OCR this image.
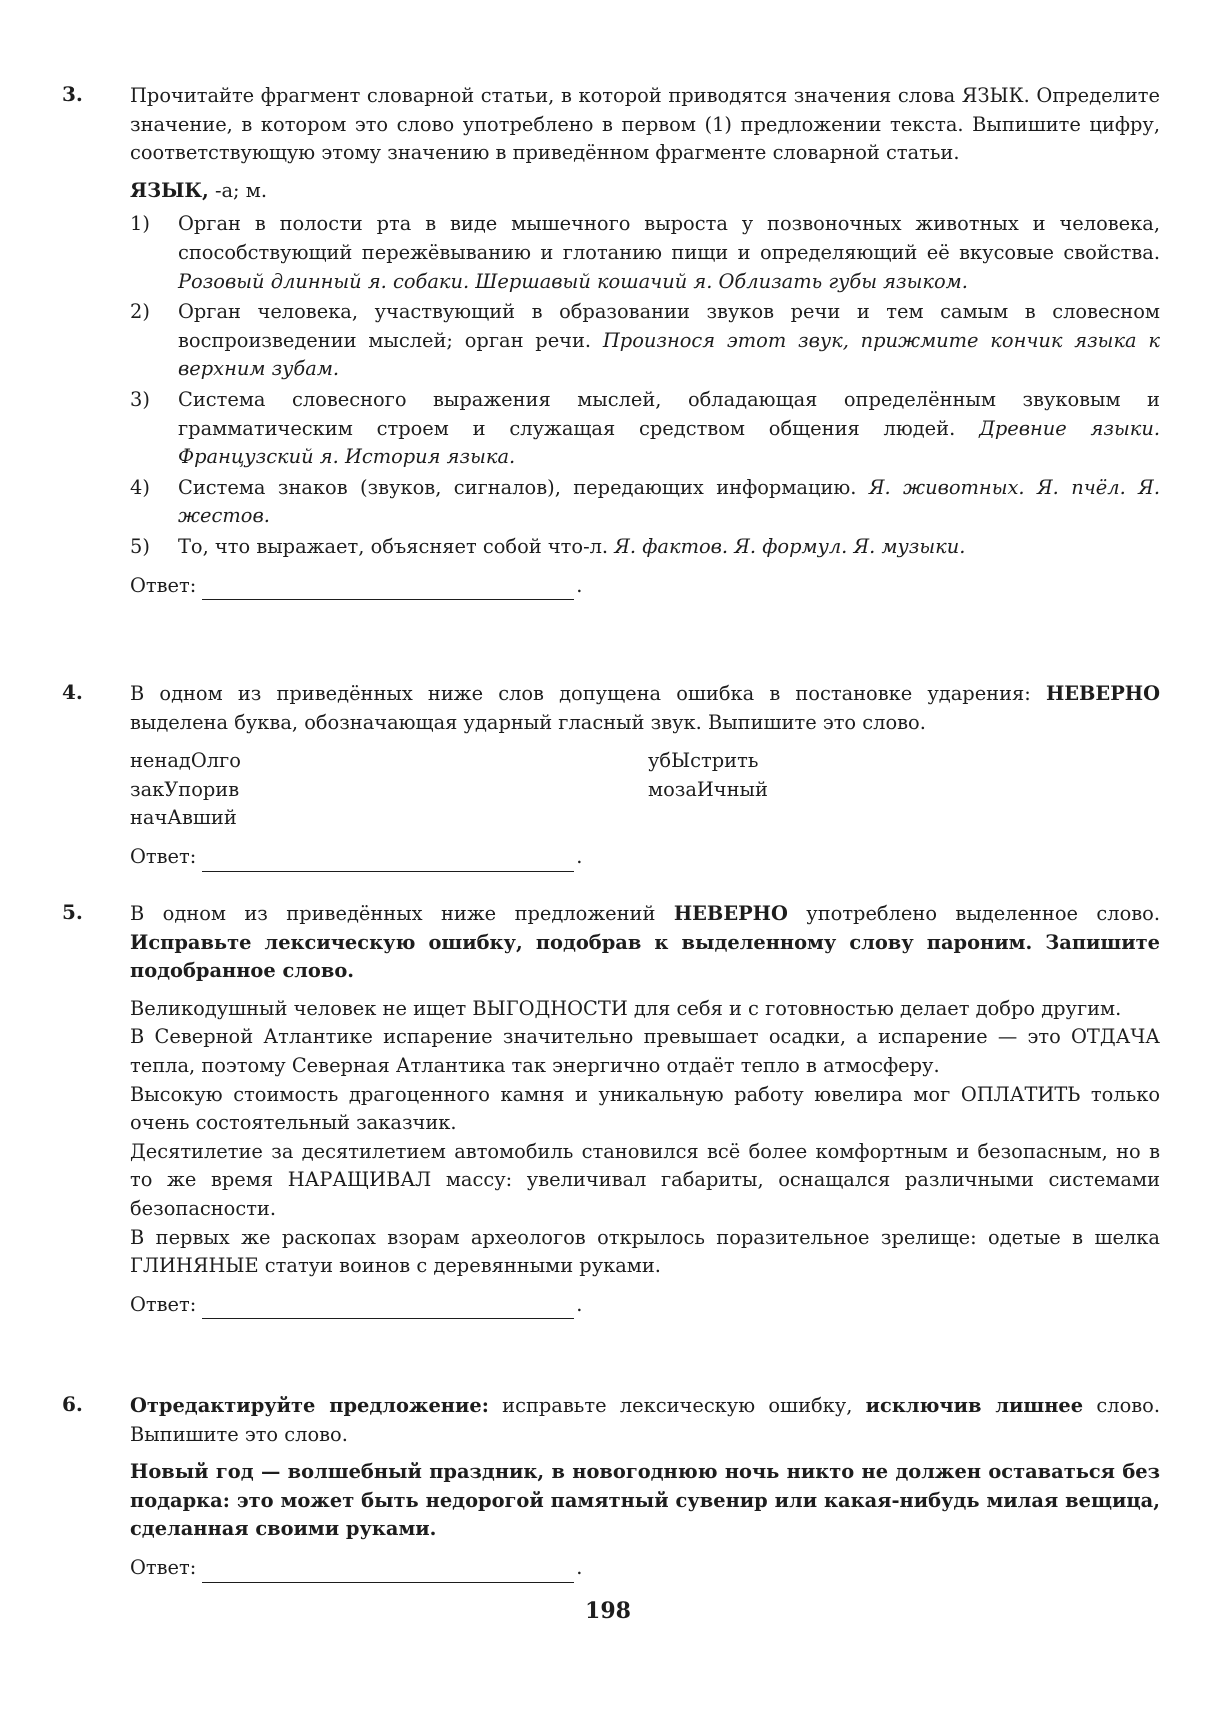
3. Прочитайте фрагмент словарной статьи, в которой приводятся значения слова ЯЗЫК. Определите значение, в котором это слово употреблено в первом (1) предложении текста. Выпишите цифру, соответствующую этому значению в приведённом фрагменте словарной статьи.

ЯЗЫК, -а; м.

1)	Орган в полости рта в виде мышечного выроста у позвоночных животных и человека, способствующий пережёвыванию и глотанию пищи и определяющий её вкусовые свойства. Розовый длинный я. собаки. Шершавый кошачий я. Облизать губы языком.
2)	Орган человека, участвующий в образовании звуков речи и тем самым в словесном воспроизведении мыслей; орган речи. Произнося этот звук, прижмите кончик языка к верхним зубам.
3)	Система словесного выражения мыслей, обладающая определённым звуковым и грамматическим строем и служащая средством общения людей. Древние языки. Французский я. История языка.
4)	Система знаков (звуков, сигналов), передающих информацию. Я. животных. Я. пчёл. Я. жестов.
5)	То, что выражает, объясняет собой что-л. Я. фактов. Я. формул. Я. музыки.
Ответ:	.
4. В одном из приведённых ниже слов допущена ошибка в постановке ударения: НЕВЕРНО выделена буква, обозначающая ударный гласный звук. Выпишите это слово.

ненадОлго	убЫстрить
закУпорив	мозаИчный
начАвший
Ответ:	.
5. В одном из приведённых ниже предложений НЕВЕРНО употреблено выделенное слово. Исправьте лексическую ошибку, подобрав к выделенному слову пароним. Запишите подобранное слово.

Великодушный человек не ищет ВЫГОДНОСТИ для себя и с готовностью делает добро другим.

В Северной Атлантике испарение значительно превышает осадки, а испарение — это ОТДАЧА тепла, поэтому Северная Атлантика так энергично отдаёт тепло в атмосферу.

Высокую стоимость драгоценного камня и уникальную работу ювелира мог ОПЛАТИТЬ только очень состоятельный заказчик.

Десятилетие за десятилетием автомобиль становился всё более комфортным и безопасным, но в то же время НАРАЩИВАЛ массу: увеличивал габариты, оснащался различными системами безопасности.

В первых же раскопах взорам археологов открылось поразительное зрелище: одетые в шелка ГЛИНЯНЫЕ статуи воинов с деревянными руками.

Ответ:	.
6. Отредактируйте предложение: исправьте лексическую ошибку, исключив лишнее слово. Выпишите это слово.

Новый год — волшебный праздник, в новогоднюю ночь никто не должен оставаться без подарка: это может быть недорогой памятный сувенир или какая-нибудь милая вещица, сделанная своими руками.

Ответ:	.
198
